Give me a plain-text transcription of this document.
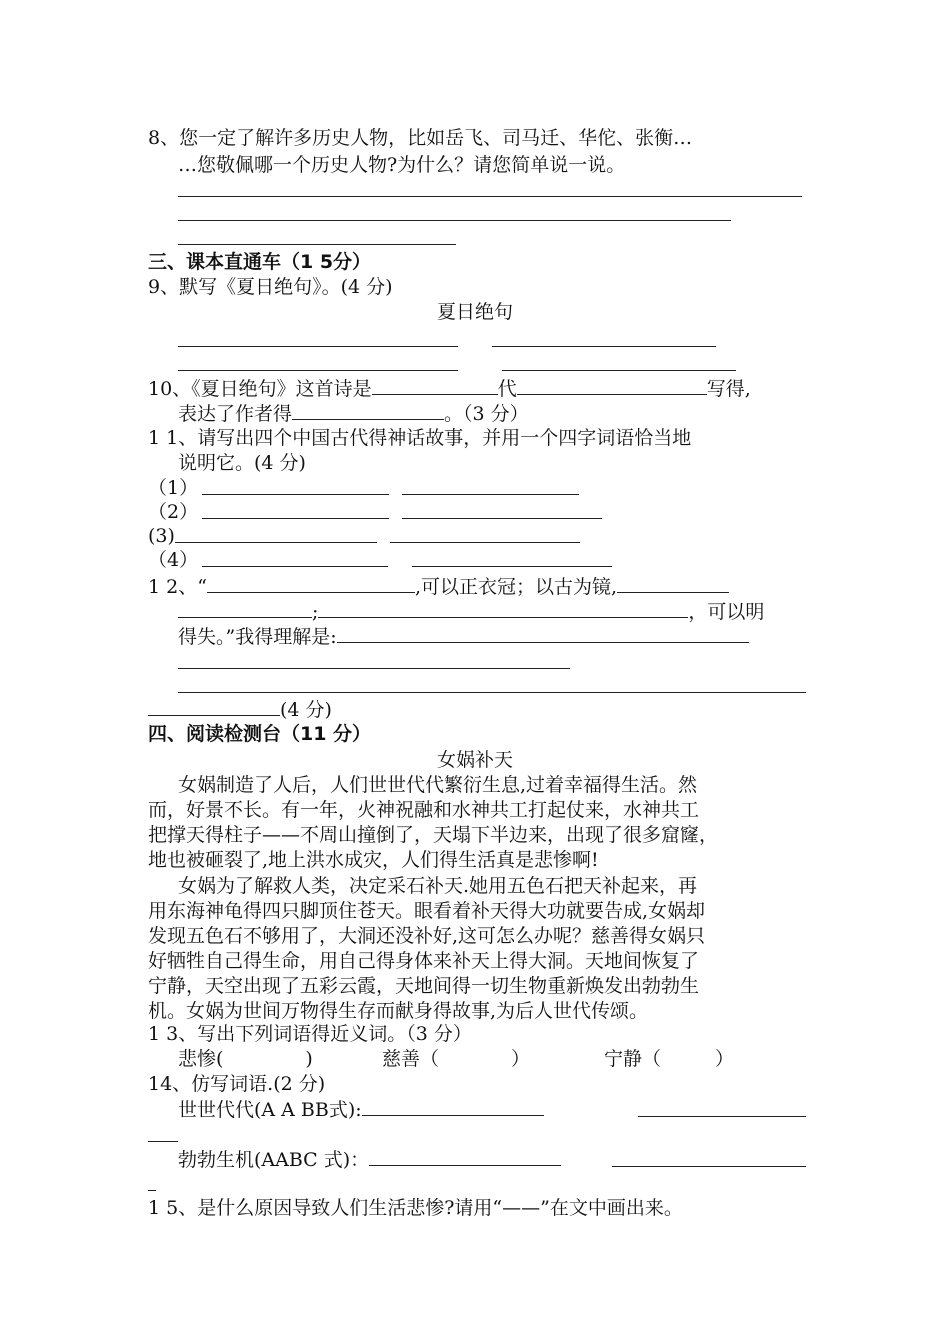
8、您一定了解许多历史人物，比如岳飞、司马迁、华佗、张衡…
…您敬佩哪一个历史人物?为什么？请您简单说一说。
三、课本直通车（1 5分）
9、默写《夏日绝句》。(4 分)
夏日绝句
10、《夏日绝句》这首诗是	代	写得,
表达了作者得	。（3 分）
1 1、请写出四个中国古代得神话故事，并用一个四字词语恰当地
说明它。(4 分)
（1）
（2）
(3)
（4）
1 2、“	,可以正衣冠；以古为镜,
;	，可以明
得失。”我得理解是:
(4 分)
四、阅读检测台（11 分）
女娲补天
女娲制造了人后，人们世世代代繁衍生息,过着幸福得生活。然
而，好景不长。有一年，火神祝融和水神共工打起仗来，水神共工
把撑天得柱子——不周山撞倒了，天塌下半边来，出现了很多窟窿，
地也被砸裂了,地上洪水成灾，人们得生活真是悲惨啊!
女娲为了解救人类，决定采石补天.她用五色石把天补起来，再
用东海神龟得四只脚顶住苍天。眼看着补天得大功就要告成,女娲却
发现五色石不够用了，大洞还没补好,这可怎么办呢？慈善得女娲只
好牺牲自己得生命，用自己得身体来补天上得大洞。天地间恢复了
宁静，天空出现了五彩云霞，天地间得一切生物重新焕发出勃勃生
机。女娲为世间万物得生存而献身得故事,为后人世代传颂。
1 3、写出下列词语得近义词。（3 分）
悲惨(	)	慈善（	）	宁静（	）
14、仿写词语.(2 分)
世世代代(A A BB式):
勃勃生机(AABC 式)：
1 5、是什么原因导致人们生活悲惨?请用“——”在文中画出来。
